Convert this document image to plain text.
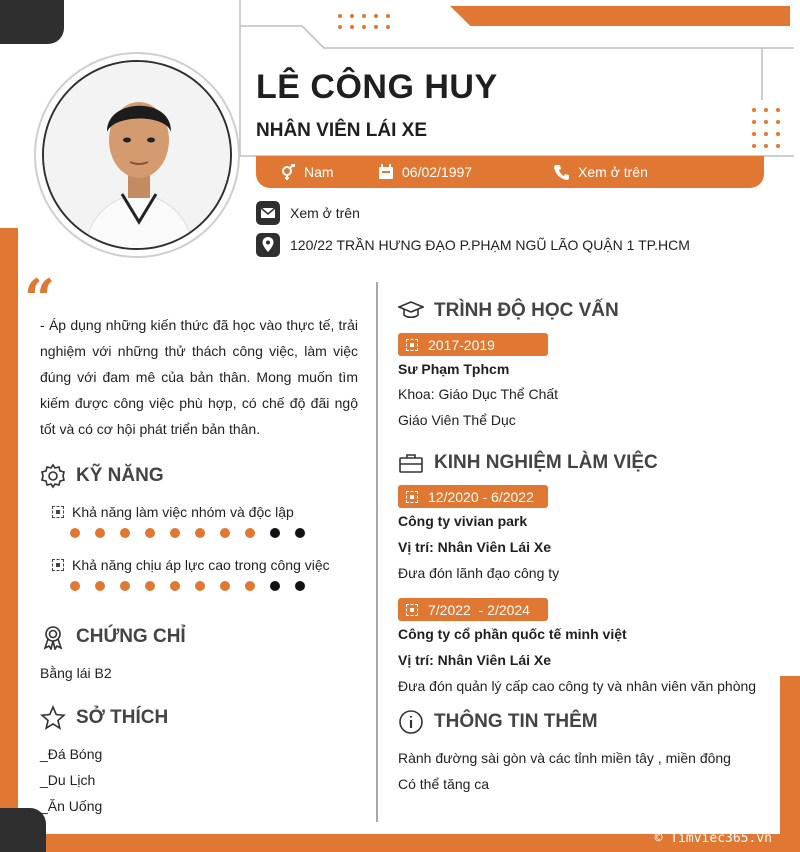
LÊ CÔNG HUY
NHÂN VIÊN LÁI XE
Nam	06/02/1997	Xem ở trên
Xem ở trên
120/22 TRẦN HƯNG ĐẠO P.PHẠM NGŨ LÃO QUẬN 1 TP.HCM
“
- Áp dụng những kiến thức đã học vào thực tế, trải nghiệm với những thử thách công việc, làm việc đúng với đam mê của bản thân. Mong muốn tìm kiếm được công việc phù hợp, có chế độ đãi ngộ tốt và có cơ hội phát triển bản thân.
KỸ NĂNG
Khả năng làm việc nhóm và độc lập
Khả năng chịu áp lực cao trong công việc
CHỨNG CHỈ
Bằng lái B2
SỞ THÍCH
_Đá Bóng
_Du Lịch
_Ăn Uống
TRÌNH ĐỘ HỌC VẤN
2017-2019
Sư Phạm Tphcm
Khoa: Giáo Dục Thể Chất
Giáo Viên Thể Dục
KINH NGHIỆM LÀM VIỆC
12/2020 - 6/2022
Công ty vivian park
Vị trí: Nhân Viên Lái Xe
Đưa đón lãnh đạo công ty
7/2022  - 2/2024
Công ty cổ phần quốc tế minh việt
Vị trí: Nhân Viên Lái Xe
Đưa đón quản lý cấp cao công ty và nhân viên văn phòng
THÔNG TIN THÊM
Rành đường sài gòn và các tỉnh miền tây , miền đông
Có thể tăng ca
© Timviec365.vn
